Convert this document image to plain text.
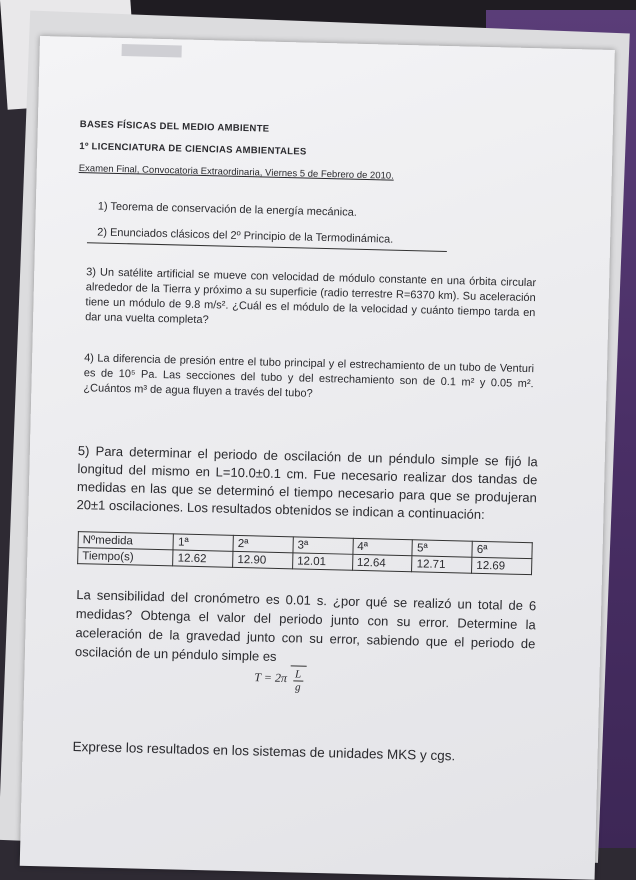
BASES FÍSICAS DEL MEDIO AMBIENTE
1º LICENCIATURA DE CIENCIAS AMBIENTALES
Examen Final, Convocatoria Extraordinaria, Viernes 5 de Febrero de 2010.
1) Teorema de conservación de la energía mecánica.
2) Enunciados clásicos del 2º Principio de la Termodinámica.
3) Un satélite artificial se mueve con velocidad de módulo constante en una órbita circular alrededor de la Tierra y próximo a su superficie (radio terrestre R=6370 km). Su aceleración tiene un módulo de 9.8 m/s². ¿Cuál es el módulo de la velocidad y cuánto tiempo tarda en dar una vuelta completa?
4) La diferencia de presión entre el tubo principal y el estrechamiento de un tubo de Venturi es de 10⁵ Pa. Las secciones del tubo y del estrechamiento son de 0.1 m² y 0.05 m². ¿Cuántos m³ de agua fluyen a través del tubo?
5) Para determinar el periodo de oscilación de un péndulo simple se fijó la longitud del mismo en L=10.0±0.1 cm. Fue necesario realizar dos tandas de medidas en las que se determinó el tiempo necesario para que se produjeran 20±1 oscilaciones. Los resultados obtenidos se indican a continuación:
Nºmedida	1ª	2ª	3ª	4ª	5ª	6ª
Tiempo(s)	12.62	12.90	12.01	12.64	12.71	12.69
La sensibilidad del cronómetro es 0.01 s. ¿por qué se realizó un total de 6 medidas? Obtenga el valor del periodo junto con su error. Determine la aceleración de la gravedad junto con su error, sabiendo que el periodo de oscilación de un péndulo simple es
$T = 2\pi \frac{L}{g}$
Exprese los resultados en los sistemas de unidades MKS y cgs.
